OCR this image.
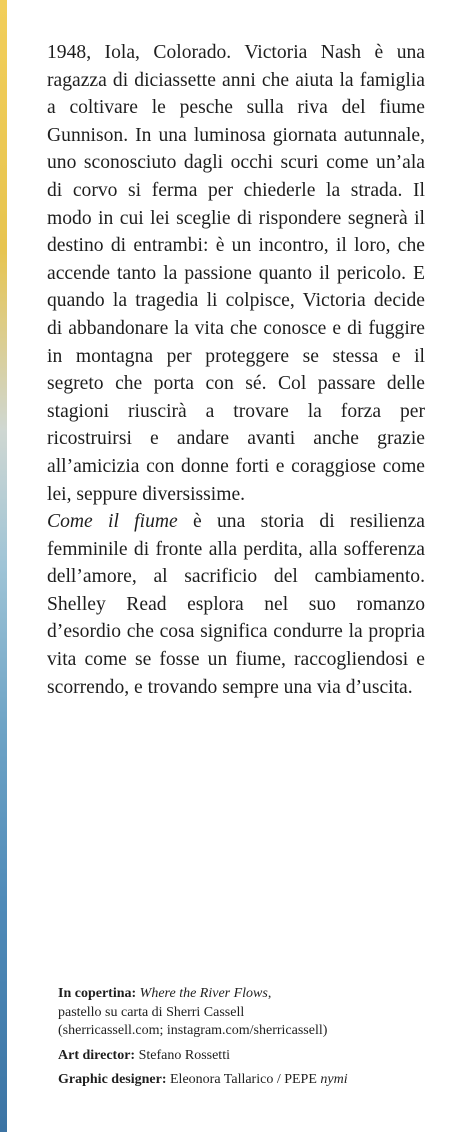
1948, Iola, Colorado. Victoria Nash è una ragazza di diciassette anni che aiuta la famiglia a coltivare le pesche sulla riva del fiume Gunnison. In una luminosa giornata autunnale, uno sconosciuto dagli occhi scuri come un’ala di corvo si ferma per chiederle la strada. Il modo in cui lei sceglie di rispondere segnerà il destino di entrambi: è un incontro, il loro, che accende tanto la passione quanto il pericolo. E quando la tragedia li colpisce, Victoria decide di abbandonare la vita che conosce e di fuggire in montagna per proteggere se stessa e il segreto che porta con sé. Col passare delle stagioni riuscirà a trovare la forza per ricostruirsi e andare avanti anche grazie all’amicizia con donne forti e coraggiose come lei, seppure diversissime.

Come il fiume è una storia di resilienza femminile di fronte alla perdita, alla sofferenza dell’amore, al sacrificio del cambiamento. Shelley Read esplora nel suo romanzo d’esordio che cosa significa condurre la propria vita come se fosse un fiume, raccogliendosi e scorrendo, e trovando sempre una via d’uscita.

In copertina: Where the River Flows,
pastello su carta di Sherri Cassell
(sherricassell.com; instagram.com/sherricassell)
Art director: Stefano Rossetti
Graphic designer: Eleonora Tallarico / PEPE nymi
